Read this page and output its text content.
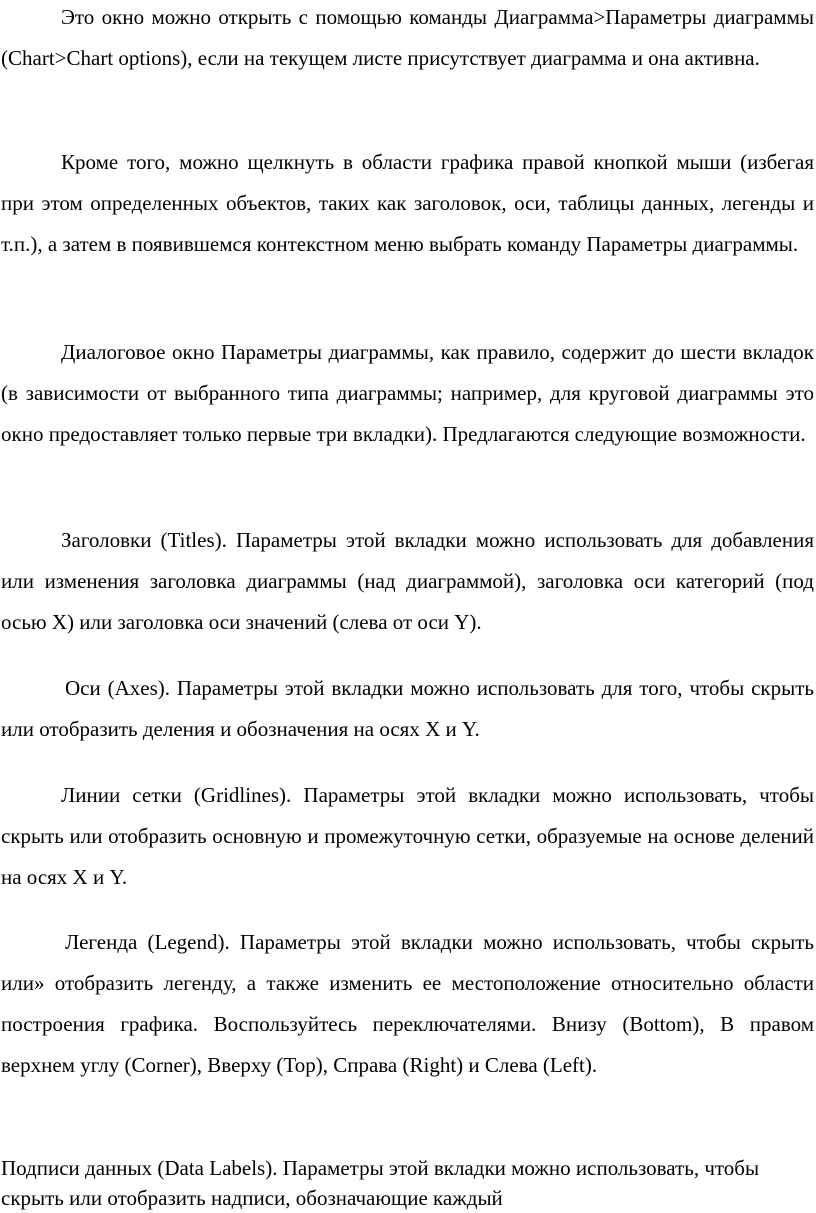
Это окно можно открыть с помощью команды Диаграмма>Параметры диаграммы (Chart>Chart options), если на текущем листе присутствует диаграмма и она активна.

Кроме того, можно щелкнуть в области графика правой кнопкой мыши (избегая при этом определенных объектов, таких как заголовок, оси, таблицы данных, легенды и т.п.), а затем в появившемся контекстном меню выбрать команду Параметры диаграммы.

Диалоговое окно Параметры диаграммы, как правило, содержит до шести вкладок (в зависимости от выбранного типа диаграммы; например, для круговой диаграммы это окно предоставляет только первые три вкладки). Предлагаются следующие возможности.

Заголовки (Titles). Параметры этой вкладки можно использовать для добавления или изменения заголовка диаграммы (над диаграммой), заголовка оси категорий (под осью X) или заголовка оси значений (слева от оси Y).

Оси (Axes). Параметры этой вкладки можно использовать для того, чтобы скрыть или отобразить деления и обозначения на осях X и Y.

Линии сетки (Gridlines). Параметры этой вкладки можно использовать, чтобы скрыть или отобразить основную и промежуточную сетки, образуемые на основе делений на осях X и Y.

Легенда (Legend). Параметры этой вкладки можно использовать, чтобы скрыть или» отобразить легенду, а также изменить ее местоположение относительно области построения графика. Воспользуйтесь переключателями. Внизу (Bottom), В правом верхнем углу (Corner), Вверху (Top), Справа (Right) и Слева (Left).

Подписи данных (Data Labels). Параметры этой вкладки можно использовать, чтобы скрыть или отобразить надписи, обозначающие каждый
